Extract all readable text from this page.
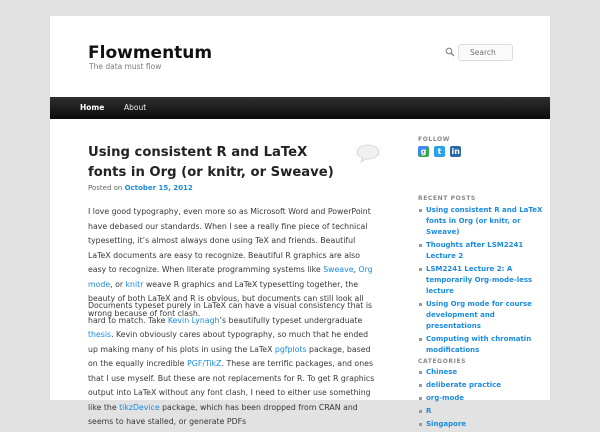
Flowmentum
The data must flow
Search
Home	About
Using consistent R and LaTeX fonts in Org (or knitr, or Sweave)
Posted on October 15, 2012
I love good typography, even more so as Microsoft Word and PowerPoint have debased our standards. When I see a really fine piece of technical typesetting, it’s almost always done using TeX and friends. Beautiful LaTeX documents are easy to recognize. Beautiful R graphics are also easy to recognize. When literate programming systems like Sweave, Org mode, or knitr weave R graphics and LaTeX typesetting together, the beauty of both LaTeX and R is obvious, but documents can still look all wrong because of font clash.
Documents typeset purely in LaTeX can have a visual consistency that is hard to match. Take Kevin Lynagh’s beautifully typeset undergraduate thesis. Kevin obviously cares about typography, so much that he ended up making many of his plots in using the LaTeX pgfplots package, based on the equally incredible PGF/TikZ. These are terrific packages, and ones that I use myself. But these are not replacements for R. To get R graphics output into LaTeX without any font clash, I need to either use something like the tikzDevice package, which has been dropped from CRAN and seems to have stalled, or generate PDFs
FOLLOW
g t in
RECENT POSTS
Using consistent R and LaTeX fonts in Org (or knitr, or Sweave)
Thoughts after LSM2241 Lecture 2
LSM2241 Lecture 2: A temporarily Org-mode-less lecture
Using Org mode for course development and presentations
Computing with chromatin modifications
CATEGORIES
Chinese
deliberate practice
org-mode
R
Singapore
